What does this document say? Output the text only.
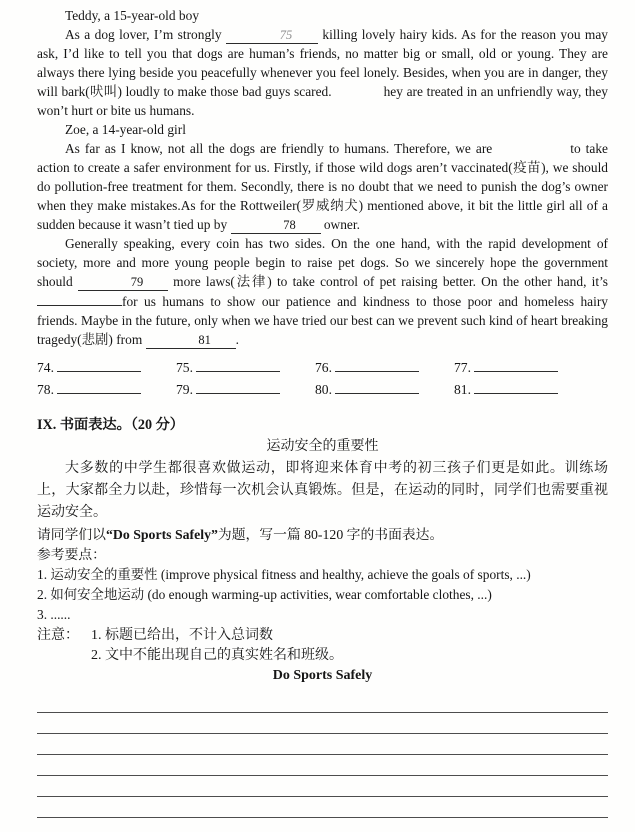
Teddy, a 15-year-old boy

As a dog lover, I’m strongly	75 killing lovely hairy kids. As for the reason you may ask, I’d like to tell you that dogs are human’s friends, no matter big or small, old or young. They are always there lying beside you peacefully whenever you feel lonely. Besides, when you are in danger, they will bark(吠叫) loudly to make those bad guys scared.	hey are treated in an unfriendly way, they won’t hurt or bite us humans.

Zoe, a 14-year-old girl

As far as I know, not all the dogs are friendly to humans. Therefore, we are	to take action to create a safer environment for us. Firstly, if those wild dogs aren’t vaccinated(疫苗), we should do pollution-free treatment for them. Secondly, there is no doubt that we need to punish the dog’s owner when they make mistakes.As for the Rottweiler(罗威纳犬) mentioned above, it bit the little girl all of a sudden because it wasn’t tied up by	78 owner.

Generally speaking, every coin has two sides. On the one hand, with the rapid development of society, more and more young people begin to raise pet dogs. So we sincerely hope the government should	79 more laws(法律) to take control of pet raising better. On the other hand, it’s for us humans to show our patience and kindness to those poor and homeless hairy friends. Maybe in the future, only when we have tried our best can we prevent such kind of heart breaking tragedy(悲剧) from	81 .

74.	75.	76.	77.
78.	79.	80.	81.
IX. 书面表达。（20 分）
运动安全的重要性
大多数的中学生都很喜欢做运动，即将迎来体育中考的初三孩子们更是如此。训练场上，大家都全力以赴，珍惜每一次机会认真锻炼。但是，在运动的同时，同学们也需要重视运动安全。
请同学们以“Do Sports Safely”为题，写一篇 80-120 字的书面表达。
参考要点：
1. 运动安全的重要性 (improve physical fitness and healthy, achieve the goals of sports, ...)
2. 如何安全地运动 (do enough warming-up activities, wear comfortable clothes, ...)
3. ......
注意： 1. 标题已给出，不计入总词数
2. 文中不能出现自己的真实姓名和班级。
Do Sports Safely
